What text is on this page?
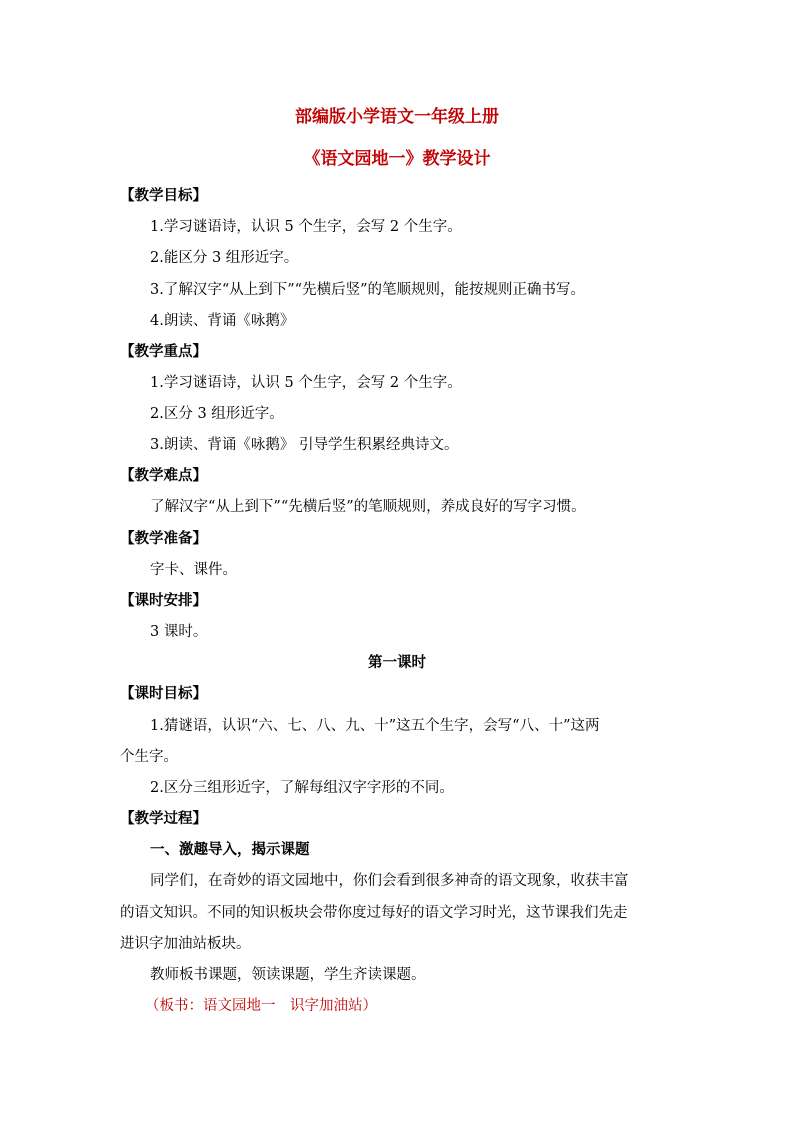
部编版小学语文一年级上册
《语文园地一》教学设计
【教学目标】
1.学习谜语诗，认识 5 个生字，会写 2 个生字。
2.能区分 3 组形近字。
3.了解汉字“从上到下”“先横后竖”的笔顺规则，能按规则正确书写。
4.朗读、背诵《咏鹅》
【教学重点】
1.学习谜语诗，认识 5 个生字，会写 2 个生字。
2.区分 3 组形近字。
3.朗读、背诵《咏鹅》 引导学生积累经典诗文。
【教学难点】
了解汉字“从上到下”“先横后竖”的笔顺规则，养成良好的写字习惯。
【教学准备】
字卡、课件。
【课时安排】
3 课时。
第一课时
【课时目标】
1.猜谜语，认识“六、七、八、九、十”这五个生字，会写“八、十”这两
个生字。
2.区分三组形近字，了解每组汉字字形的不同。
【教学过程】
一、激趣导入，揭示课题
同学们，在奇妙的语文园地中，你们会看到很多神奇的语文现象，收获丰富
的语文知识。不同的知识板块会带你度过每好的语文学习时光，这节课我们先走
进识字加油站板块。
教师板书课题，领读课题，学生齐读课题。
（板书：语文园地一　识字加油站）
